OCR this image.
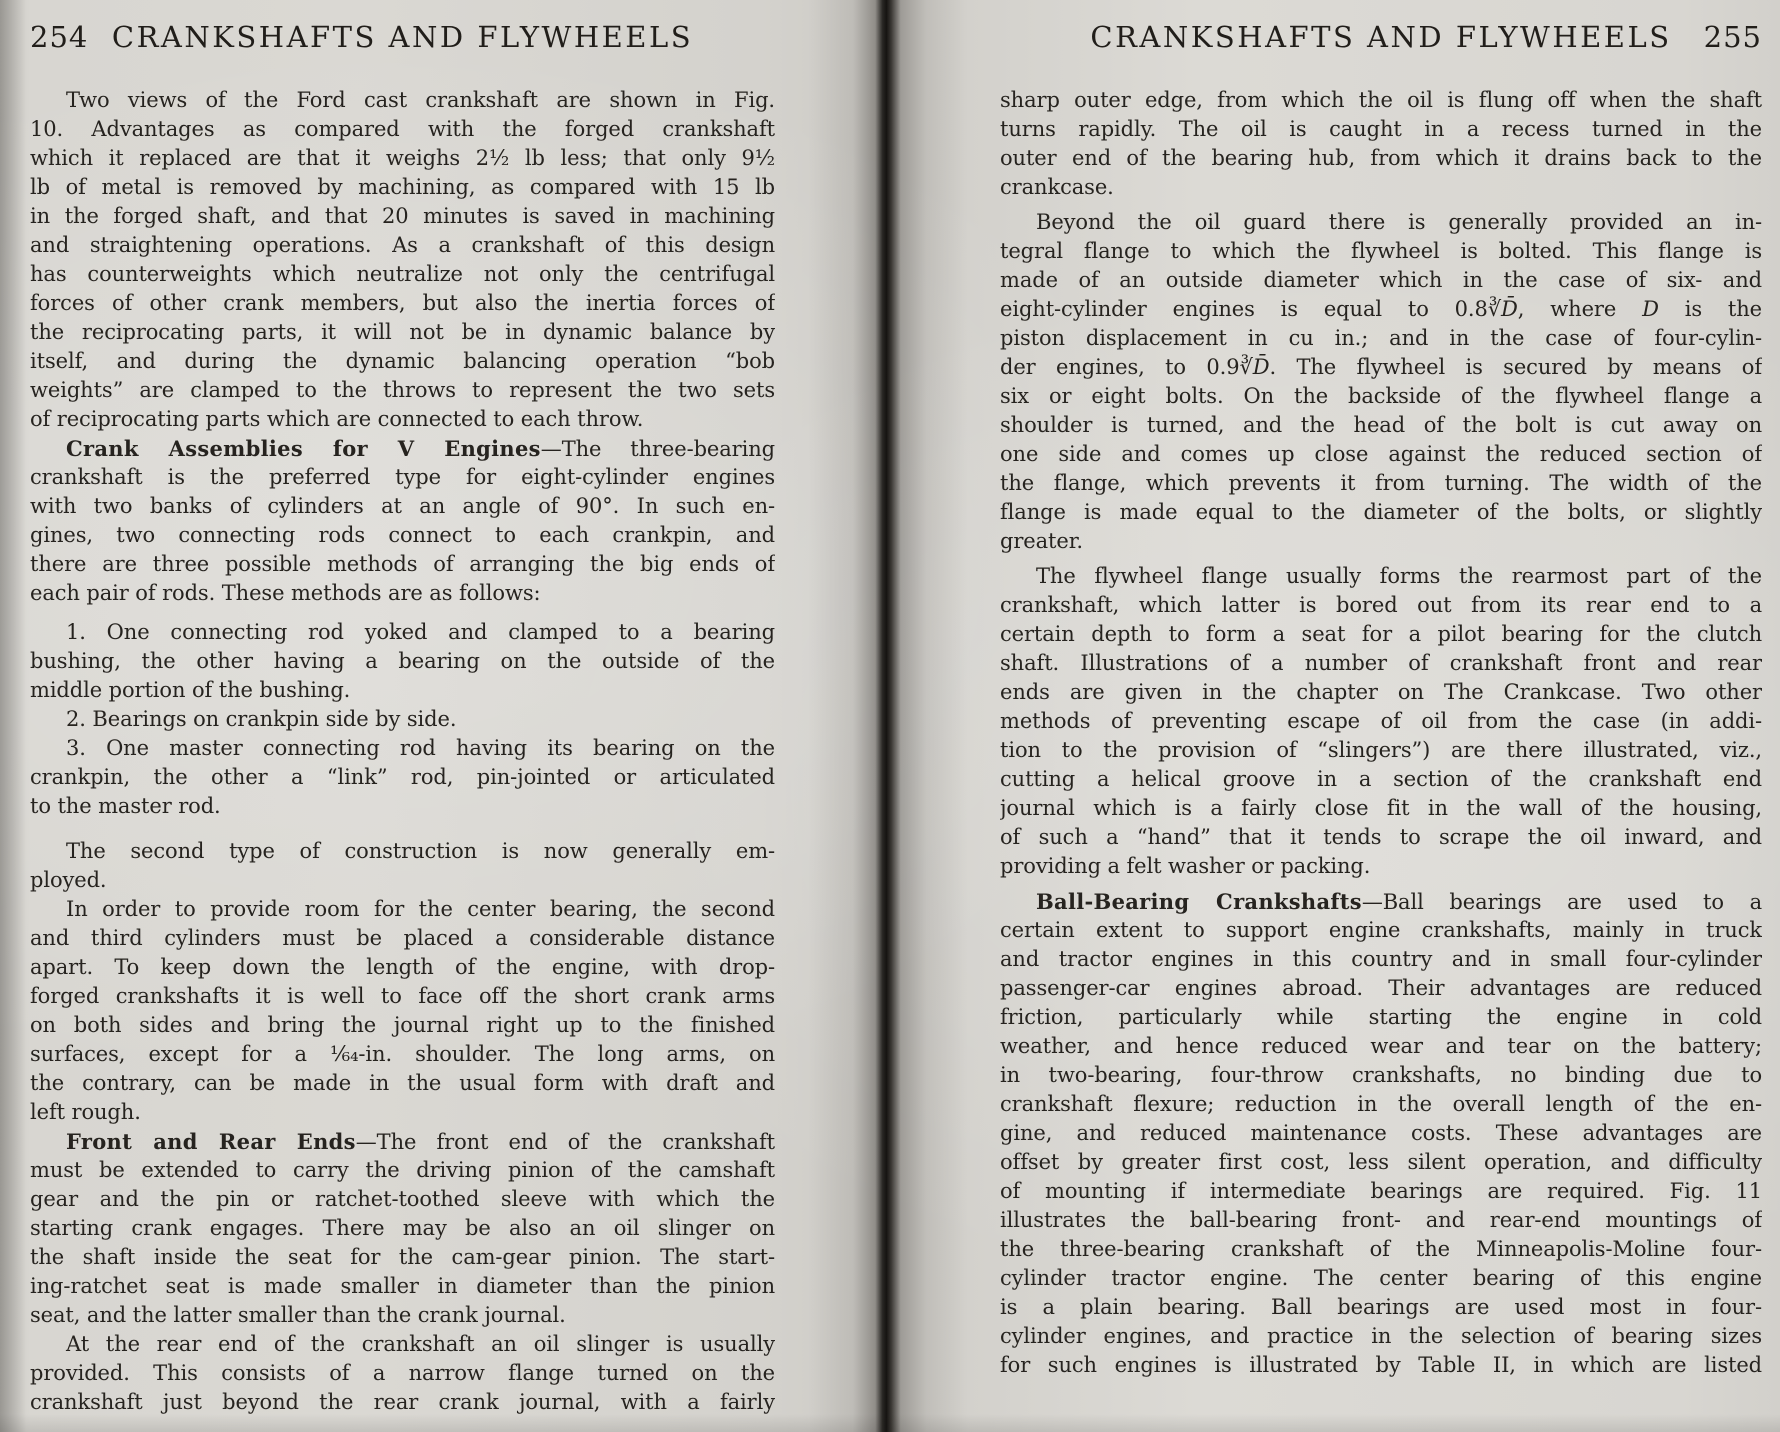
254 CRANKSHAFTS AND FLYWHEELS
Two views of the Ford cast crankshaft are shown in Fig.
10. Advantages as compared with the forged crankshaft
which it replaced are that it weighs 2½ lb less; that only 9½
lb of metal is removed by machining, as compared with 15 lb
in the forged shaft, and that 20 minutes is saved in machining
and straightening operations. As a crankshaft of this design
has counterweights which neutralize not only the centrifugal
forces of other crank members, but also the inertia forces of
the reciprocating parts, it will not be in dynamic balance by
itself, and during the dynamic balancing operation “bob
weights” are clamped to the throws to represent the two sets
of reciprocating parts which are connected to each throw.
Crank Assemblies for V Engines—The three-bearing
crankshaft is the preferred type for eight-cylinder engines
with two banks of cylinders at an angle of 90°. In such en-
gines, two connecting rods connect to each crankpin, and
there are three possible methods of arranging the big ends of
each pair of rods. These methods are as follows:
1. One connecting rod yoked and clamped to a bearing
bushing, the other having a bearing on the outside of the
middle portion of the bushing.
2. Bearings on crankpin side by side.
3. One master connecting rod having its bearing on the
crankpin, the other a “link” rod, pin-jointed or articulated
to the master rod.
The second type of construction is now generally em-
ployed.
In order to provide room for the center bearing, the second
and third cylinders must be placed a considerable distance
apart. To keep down the length of the engine, with drop-
forged crankshafts it is well to face off the short crank arms
on both sides and bring the journal right up to the finished
surfaces, except for a ¹⁄₆₄-in. shoulder. The long arms, on
the contrary, can be made in the usual form with draft and
left rough.
Front and Rear Ends—The front end of the crankshaft
must be extended to carry the driving pinion of the camshaft
gear and the pin or ratchet-toothed sleeve with which the
starting crank engages. There may be also an oil slinger on
the shaft inside the seat for the cam-gear pinion. The start-
ing-ratchet seat is made smaller in diameter than the pinion
seat, and the latter smaller than the crank journal.
At the rear end of the crankshaft an oil slinger is usually
provided. This consists of a narrow flange turned on the
crankshaft just beyond the rear crank journal, with a fairly
CRANKSHAFTS AND FLYWHEELS	255
sharp outer edge, from which the oil is flung off when the shaft
turns rapidly. The oil is caught in a recess turned in the
outer end of the bearing hub, from which it drains back to the
crankcase.
Beyond the oil guard there is generally provided an in-
tegral flange to which the flywheel is bolted. This flange is
made of an outside diameter which in the case of six- and
eight-cylinder engines is equal to 0.8∛D̄, where D is the
piston displacement in cu in.; and in the case of four-cylin-
der engines, to 0.9∛D̄. The flywheel is secured by means of
six or eight bolts. On the backside of the flywheel flange a
shoulder is turned, and the head of the bolt is cut away on
one side and comes up close against the reduced section of
the flange, which prevents it from turning. The width of the
flange is made equal to the diameter of the bolts, or slightly
greater.
The flywheel flange usually forms the rearmost part of the
crankshaft, which latter is bored out from its rear end to a
certain depth to form a seat for a pilot bearing for the clutch
shaft. Illustrations of a number of crankshaft front and rear
ends are given in the chapter on The Crankcase. Two other
methods of preventing escape of oil from the case (in addi-
tion to the provision of “slingers”) are there illustrated, viz.,
cutting a helical groove in a section of the crankshaft end
journal which is a fairly close fit in the wall of the housing,
of such a “hand” that it tends to scrape the oil inward, and
providing a felt washer or packing.
Ball-Bearing Crankshafts—Ball bearings are used to a
certain extent to support engine crankshafts, mainly in truck
and tractor engines in this country and in small four-cylinder
passenger-car engines abroad. Their advantages are reduced
friction, particularly while starting the engine in cold
weather, and hence reduced wear and tear on the battery;
in two-bearing, four-throw crankshafts, no binding due to
crankshaft flexure; reduction in the overall length of the en-
gine, and reduced maintenance costs. These advantages are
offset by greater first cost, less silent operation, and difficulty
of mounting if intermediate bearings are required. Fig. 11
illustrates the ball-bearing front- and rear-end mountings of
the three-bearing crankshaft of the Minneapolis-Moline four-
cylinder tractor engine. The center bearing of this engine
is a plain bearing. Ball bearings are used most in four-
cylinder engines, and practice in the selection of bearing sizes
for such engines is illustrated by Table II, in which are listed
